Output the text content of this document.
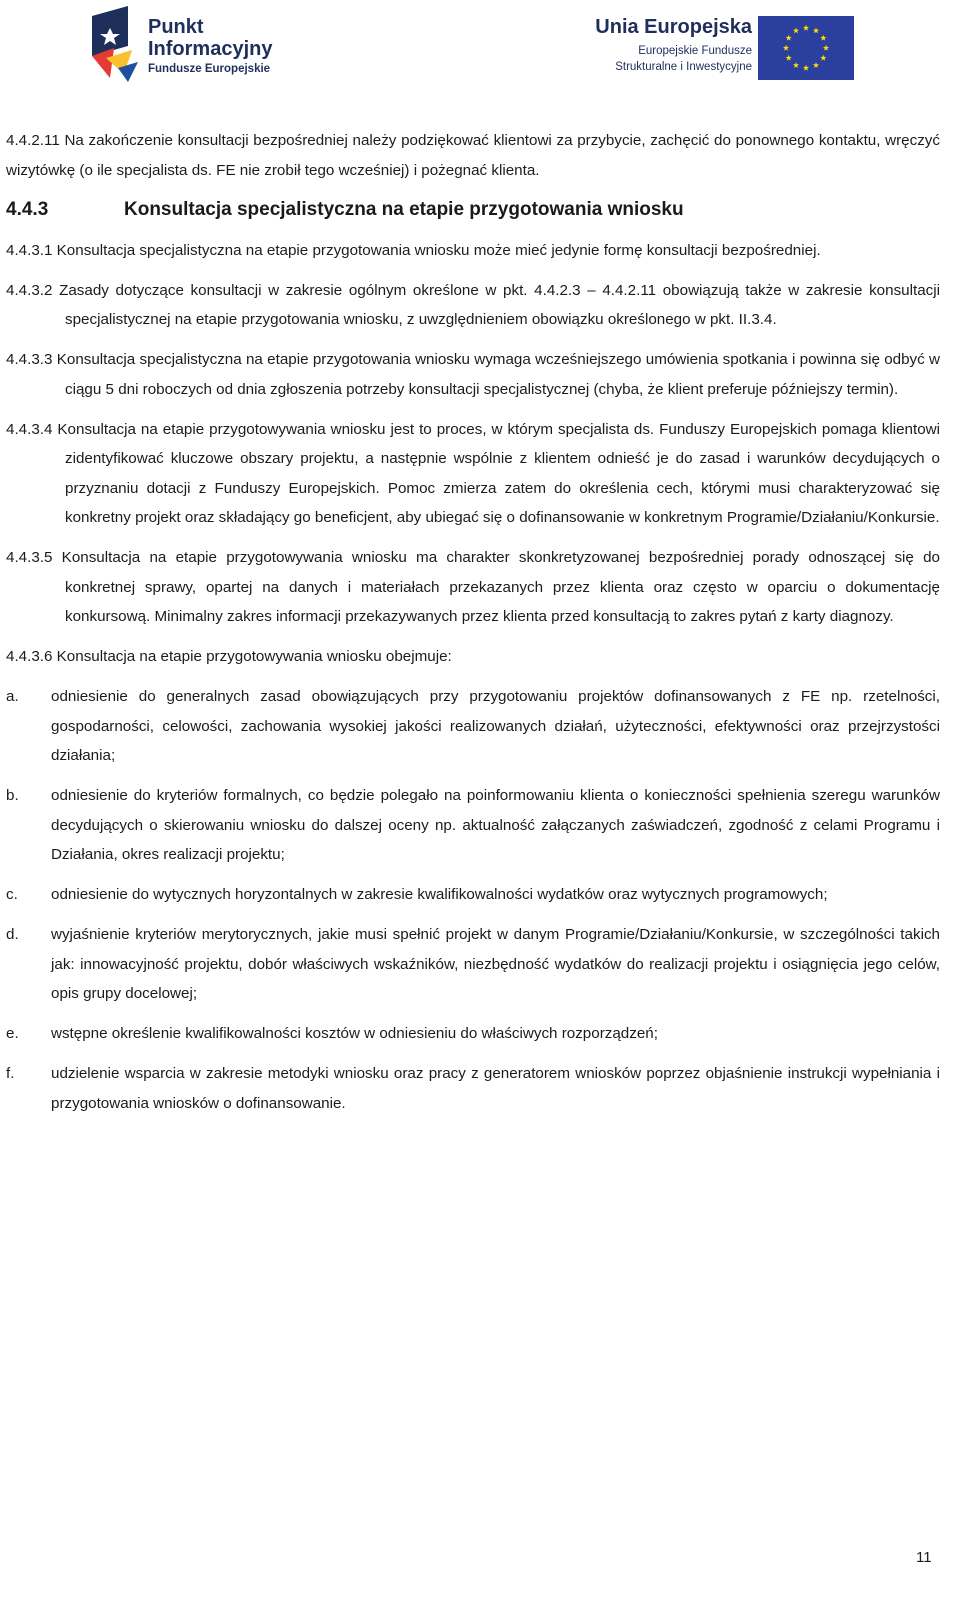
Punkt
Informacyjny
Fundusze Europejskie
Unia Europejska
Europejskie Fundusze
Strukturalne i Inwestycyjne

4.4.2.11 Na zakończenie konsultacji bezpośredniej należy podziękować klientowi za przybycie, zachęcić do ponownego kontaktu, wręczyć wizytówkę (o ile specjalista ds. FE nie zrobił tego wcześniej) i pożegnać klienta.

4.4.3	Konsultacja specjalistyczna na etapie przygotowania wniosku

4.4.3.1 Konsultacja specjalistyczna na etapie przygotowania wniosku może mieć jedynie formę konsultacji bezpośredniej.

4.4.3.2 Zasady dotyczące konsultacji w zakresie ogólnym określone w pkt. 4.4.2.3 – 4.4.2.11 obowiązują także w zakresie konsultacji specjalistycznej na etapie przygotowania wniosku, z uwzględnieniem obowiązku określonego w pkt. II.3.4.

4.4.3.3 Konsultacja specjalistyczna na etapie przygotowania wniosku wymaga wcześniejszego umówienia spotkania i powinna się odbyć w ciągu 5 dni roboczych od dnia zgłoszenia potrzeby konsultacji specjalistycznej (chyba, że klient preferuje późniejszy termin).

4.4.3.4 Konsultacja na etapie przygotowywania wniosku jest to proces, w którym specjalista ds. Funduszy Europejskich pomaga klientowi zidentyfikować kluczowe obszary projektu, a następnie wspólnie z klientem odnieść je do zasad i warunków decydujących o przyznaniu dotacji z Funduszy Europejskich. Pomoc zmierza zatem do określenia cech, którymi musi charakteryzować się konkretny projekt oraz składający go beneficjent, aby ubiegać się o dofinansowanie w konkretnym Programie/Działaniu/Konkursie.

4.4.3.5 Konsultacja na etapie przygotowywania wniosku ma charakter skonkretyzowanej bezpośredniej porady odnoszącej się do konkretnej sprawy, opartej na danych i materiałach przekazanych przez klienta oraz często w oparciu o dokumentację konkursową. Minimalny zakres informacji przekazywanych przez klienta przed konsultacją to zakres pytań z karty diagnozy.

4.4.3.6 Konsultacja na etapie przygotowywania wniosku obejmuje:

a.	odniesienie do generalnych zasad obowiązujących przy przygotowaniu projektów dofinansowanych z FE np. rzetelności, gospodarności, celowości, zachowania wysokiej jakości realizowanych działań, użyteczności, efektywności oraz przejrzystości działania;
b.	odniesienie do kryteriów formalnych, co będzie polegało na poinformowaniu klienta o konieczności spełnienia szeregu warunków decydujących o skierowaniu wniosku do dalszej oceny np. aktualność załączanych zaświadczeń, zgodność z celami Programu i Działania, okres realizacji projektu;
c.	odniesienie do wytycznych horyzontalnych w zakresie kwalifikowalności wydatków oraz wytycznych programowych;
d.	wyjaśnienie kryteriów merytorycznych, jakie musi spełnić projekt w danym Programie/Działaniu/Konkursie, w szczególności takich jak: innowacyjność projektu, dobór właściwych wskaźników, niezbędność wydatków do realizacji projektu i osiągnięcia jego celów, opis grupy docelowej;
e.	wstępne określenie kwalifikowalności kosztów w odniesieniu do właściwych rozporządzeń;
f.	udzielenie wsparcia w zakresie metodyki wniosku oraz pracy z generatorem wniosków poprzez objaśnienie instrukcji wypełniania i przygotowania wniosków o dofinansowanie.
11
